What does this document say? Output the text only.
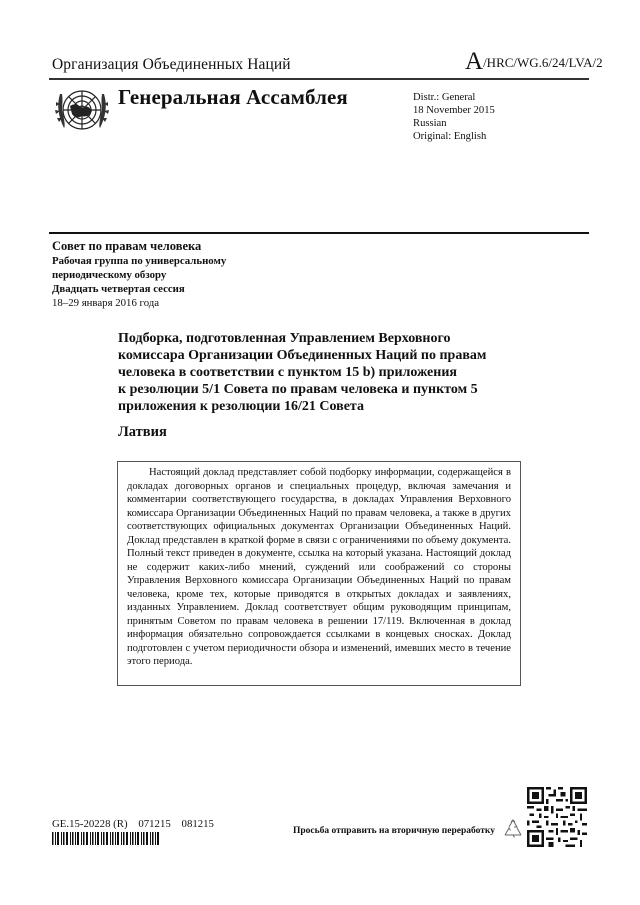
Организация Объединенных Наций	A/HRC/WG.6/24/LVA/2
Генеральная Ассамблея	Distr.: General
18 November 2015
Russian
Original: English
Совет по правам человека
Рабочая группа по универсальному
периодическому обзору
Двадцать четвертая сессия
18–29 января 2016 года
Подборка, подготовленная Управлением Верховного
комиссара Организации Объединенных Наций по правам
человека в соответствии с пунктом 15 b) приложения
к резолюции 5/1 Совета по правам человека и пунктом 5
приложения к резолюции 16/21 Совета
Латвия

Настоящий доклад представляет собой подборку информации, содержащейся в докладах договорных органов и специальных процедур, включая замечания и комментарии соответствующего государства, в докладах Управления Верховного комиссара Организации Объединенных Наций по правам человека, а также в других соответствующих официальных документах Организации Объединенных Наций. Доклад представлен в краткой форме в связи с ограничениями по объему документа. Полный текст приведен в документе, ссылка на который указана. Настоящий доклад не содержит каких-либо мнений, суждений или соображений со стороны Управления Верховного комиссара Организации Объединенных Наций по правам человека, кроме тех, которые приводятся в открытых докладах и заявлениях, изданных Управлением. Доклад соответствует общим руководящим принципам, принятым Советом по правам человека в решении 17/119. Включенная в доклад информация обязательно сопровождается ссылками в концевых сносках. Доклад подготовлен с учетом периодичности обзора и изменений, имевших место в течение этого периода.

GE.15-20228 (R)    071215    081215
Просьба отправить на вторичную переработку
